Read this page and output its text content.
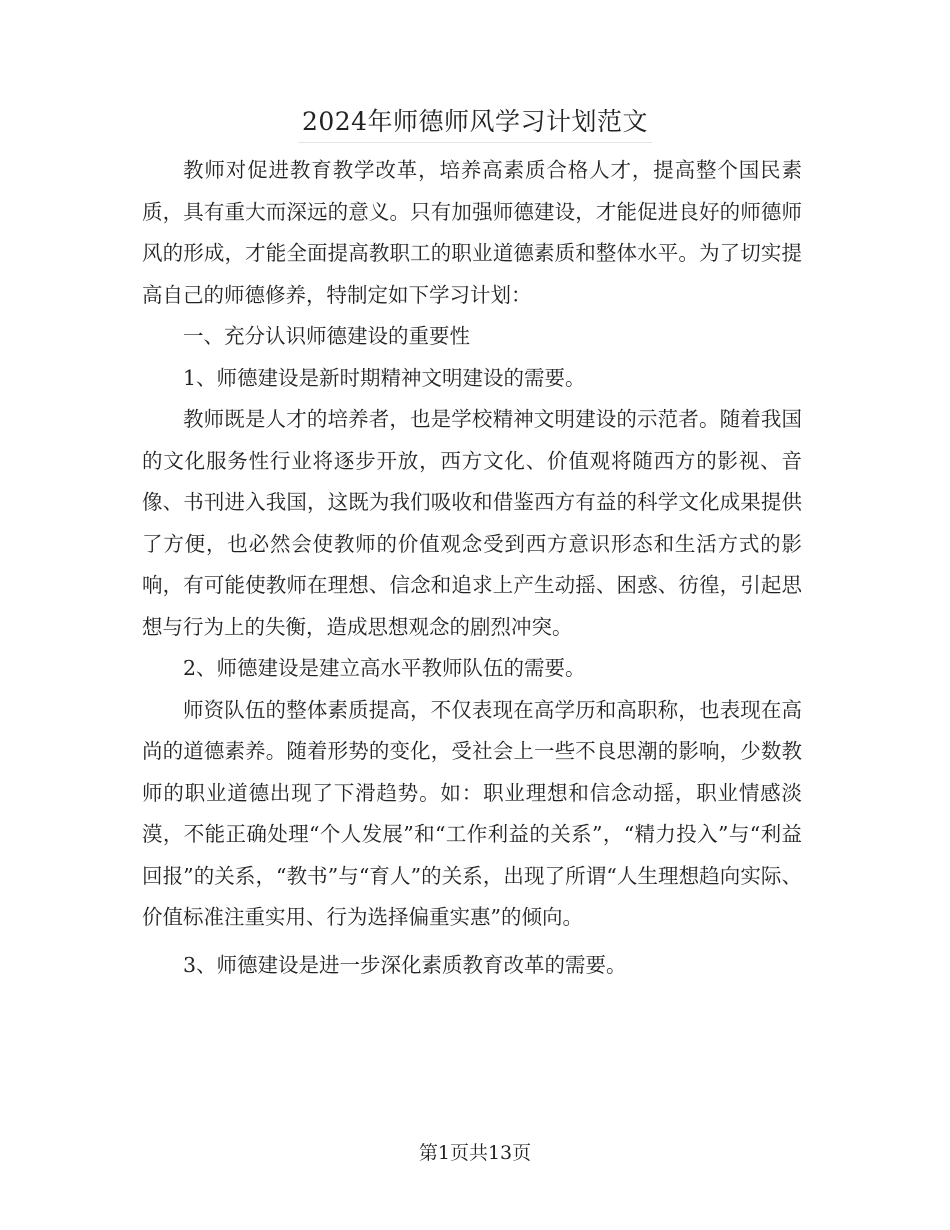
2024年师德师风学习计划范文

教师对促进教育教学改革，培养高素质合格人才，提高整个国民素质，具有重大而深远的意义。只有加强师德建设，才能促进良好的师德师风的形成，才能全面提高教职工的职业道德素质和整体水平。为了切实提高自己的师德修养，特制定如下学习计划：

一、充分认识师德建设的重要性

1、师德建设是新时期精神文明建设的需要。

教师既是人才的培养者，也是学校精神文明建设的示范者。随着我国的文化服务性行业将逐步开放，西方文化、价值观将随西方的影视、音像、书刊进入我国，这既为我们吸收和借鉴西方有益的科学文化成果提供了方便，也必然会使教师的价值观念受到西方意识形态和生活方式的影响，有可能使教师在理想、信念和追求上产生动摇、困惑、彷徨，引起思想与行为上的失衡，造成思想观念的剧烈冲突。

2、师德建设是建立高水平教师队伍的需要。

师资队伍的整体素质提高，不仅表现在高学历和高职称，也表现在高尚的道德素养。随着形势的变化，受社会上一些不良思潮的影响，少数教师的职业道德出现了下滑趋势。如：职业理想和信念动摇，职业情感淡漠，不能正确处理“个人发展”和“工作利益的关系”，“精力投入”与“利益回报”的关系，“教书”与“育人”的关系，出现了所谓“人生理想趋向实际、价值标准注重实用、行为选择偏重实惠”的倾向。

3、师德建设是进一步深化素质教育改革的需要。

第1页共13页
